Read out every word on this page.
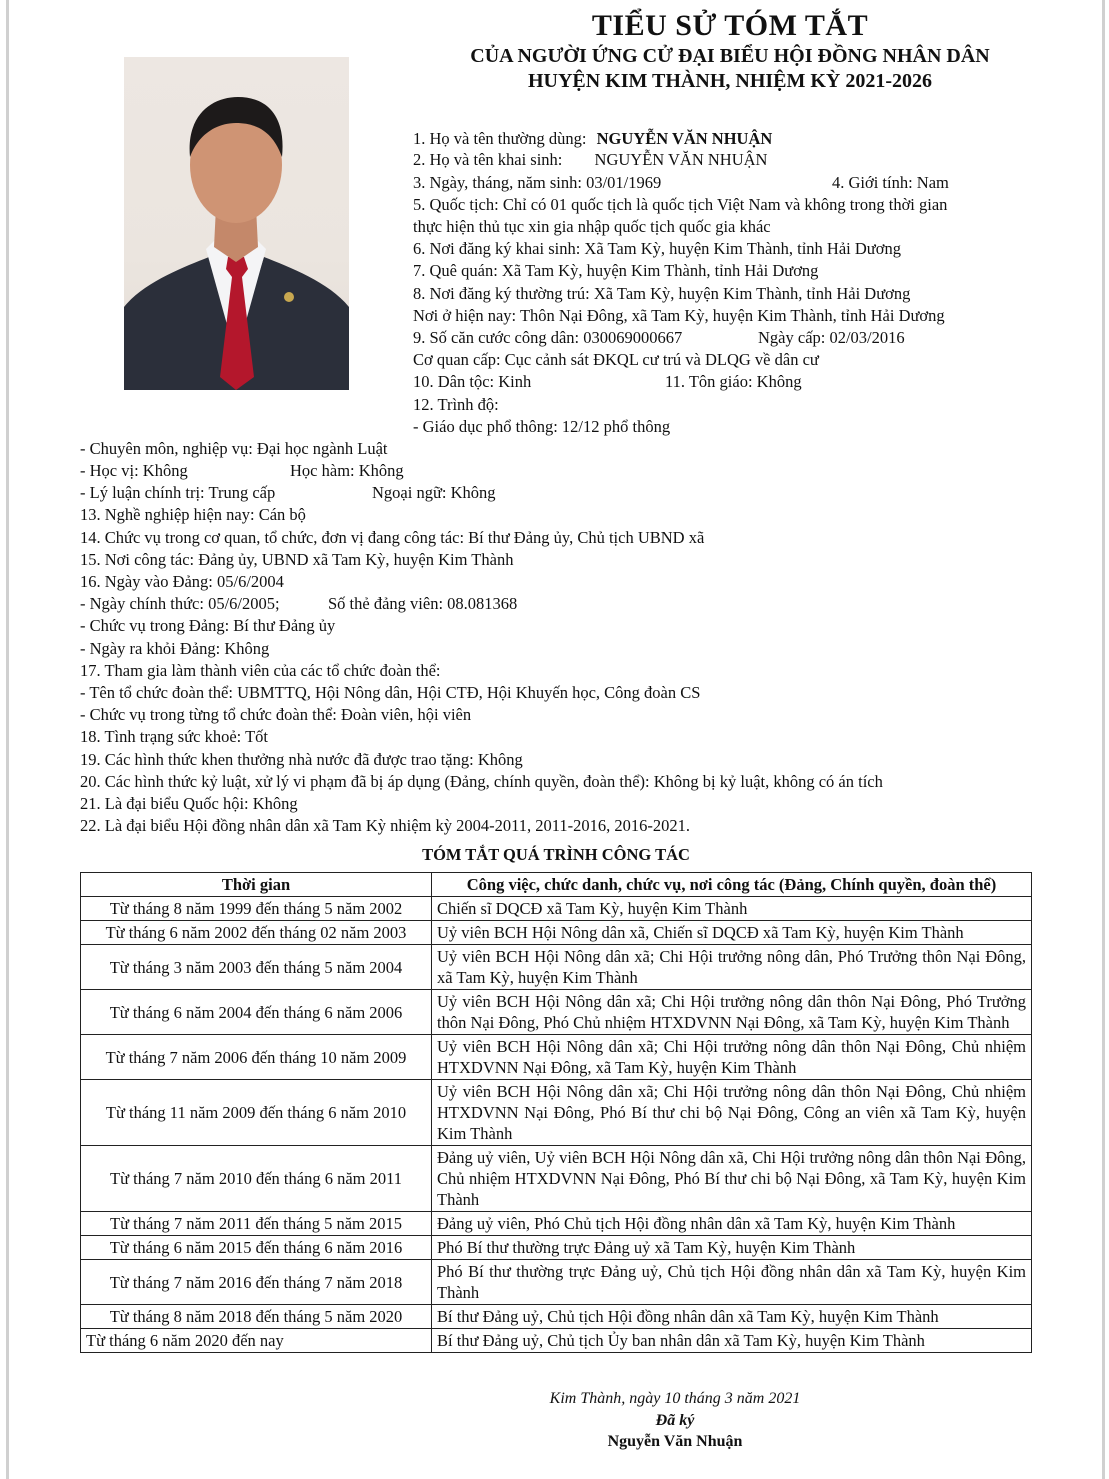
TIỂU SỬ TÓM TẮT
CỦA NGƯỜI ỨNG CỬ ĐẠI BIỂU HỘI ĐỒNG NHÂN DÂN
HUYỆN KIM THÀNH, NHIỆM KỲ 2021-2026
1. Họ và tên thường dùng: NGUYỄN VĂN NHUẬN
2. Họ và tên khai sinh: NGUYỄN VĂN NHUẬN
3. Ngày, tháng, năm sinh: 03/01/1969	4. Giới tính: Nam
5. Quốc tịch: Chỉ có 01 quốc tịch là quốc tịch Việt Nam và không trong thời gian
thực hiện thủ tục xin gia nhập quốc tịch quốc gia khác
6. Nơi đăng ký khai sinh: Xã Tam Kỳ, huyện Kim Thành, tỉnh Hải Dương
7. Quê quán: Xã Tam Kỳ, huyện Kim Thành, tỉnh Hải Dương
8. Nơi đăng ký thường trú: Xã Tam Kỳ, huyện Kim Thành, tỉnh Hải Dương
Nơi ở hiện nay: Thôn Nại Đông, xã Tam Kỳ, huyện Kim Thành, tỉnh Hải Dương
9. Số căn cước công dân: 030069000667	Ngày cấp: 02/03/2016
Cơ quan cấp: Cục cảnh sát ĐKQL cư trú và DLQG về dân cư
10. Dân tộc: Kinh	11. Tôn giáo: Không
12. Trình độ:
- Giáo dục phổ thông: 12/12 phổ thông
- Chuyên môn, nghiệp vụ: Đại học ngành Luật
- Học vị: Không	Học hàm: Không
- Lý luận chính trị: Trung cấp	Ngoại ngữ: Không
13. Nghề nghiệp hiện nay: Cán bộ
14. Chức vụ trong cơ quan, tổ chức, đơn vị đang công tác: Bí thư Đảng ủy, Chủ tịch UBND xã
15. Nơi công tác: Đảng ủy, UBND xã Tam Kỳ, huyện Kim Thành
16. Ngày vào Đảng: 05/6/2004
- Ngày chính thức: 05/6/2005;	Số thẻ đảng viên: 08.081368
- Chức vụ trong Đảng: Bí thư Đảng ủy
- Ngày ra khỏi Đảng: Không
17. Tham gia làm thành viên của các tổ chức đoàn thể:
- Tên tổ chức đoàn thể: UBMTTQ, Hội Nông dân, Hội CTĐ, Hội Khuyến học, Công đoàn CS
- Chức vụ trong từng tổ chức đoàn thể: Đoàn viên, hội viên
18. Tình trạng sức khoẻ: Tốt
19. Các hình thức khen thưởng nhà nước đã được trao tặng: Không
20. Các hình thức kỷ luật, xử lý vi phạm đã bị áp dụng (Đảng, chính quyền, đoàn thể): Không bị kỷ luật, không có án tích
21. Là đại biểu Quốc hội: Không
22. Là đại biểu Hội đồng nhân dân xã Tam Kỳ nhiệm kỳ 2004-2011, 2011-2016, 2016-2021.
TÓM TẮT QUÁ TRÌNH CÔNG TÁC
Thời gian	Công việc, chức danh, chức vụ, nơi công tác (Đảng, Chính quyền, đoàn thể)
Từ tháng 8 năm 1999 đến tháng 5 năm 2002	Chiến sĩ DQCĐ xã Tam Kỳ, huyện Kim Thành
Từ tháng 6 năm 2002 đến tháng 02 năm 2003	Uỷ viên BCH Hội Nông dân xã, Chiến sĩ DQCĐ xã Tam Kỳ, huyện Kim Thành
Từ tháng 3 năm 2003 đến tháng 5 năm 2004	Uỷ viên BCH Hội Nông dân xã; Chi Hội trưởng nông dân, Phó Trưởng thôn Nại Đông, xã Tam Kỳ, huyện Kim Thành
Từ tháng 6 năm 2004 đến tháng 6 năm 2006	Uỷ viên BCH Hội Nông dân xã; Chi Hội trưởng nông dân thôn Nại Đông, Phó Trưởng thôn Nại Đông, Phó Chủ nhiệm HTXDVNN Nại Đông, xã Tam Kỳ, huyện Kim Thành
Từ tháng 7 năm 2006 đến tháng 10 năm 2009	Uỷ viên BCH Hội Nông dân xã; Chi Hội trưởng nông dân thôn Nại Đông, Chủ nhiệm HTXDVNN Nại Đông, xã Tam Kỳ, huyện Kim Thành
Từ tháng 11 năm 2009 đến tháng 6 năm 2010	Uỷ viên BCH Hội Nông dân xã; Chi Hội trưởng nông dân thôn Nại Đông, Chủ nhiệm HTXDVNN Nại Đông, Phó Bí thư chi bộ Nại Đông, Công an viên xã Tam Kỳ, huyện Kim Thành
Từ tháng 7 năm 2010 đến tháng 6 năm 2011	Đảng uỷ viên, Uỷ viên BCH Hội Nông dân xã, Chi Hội trưởng nông dân thôn Nại Đông, Chủ nhiệm HTXDVNN Nại Đông, Phó Bí thư chi bộ Nại Đông, xã Tam Kỳ, huyện Kim Thành
Từ tháng 7 năm 2011 đến tháng 5 năm 2015	Đảng uỷ viên, Phó Chủ tịch Hội đồng nhân dân xã Tam Kỳ, huyện Kim Thành
Từ tháng 6 năm 2015 đến tháng 6 năm 2016	Phó Bí thư thường trực Đảng uỷ xã Tam Kỳ, huyện Kim Thành
Từ tháng 7 năm 2016 đến tháng 7 năm 2018	Phó Bí thư thường trực Đảng uỷ, Chủ tịch Hội đồng nhân dân xã Tam Kỳ, huyện Kim Thành
Từ tháng 8 năm 2018 đến tháng 5 năm 2020	Bí thư Đảng uỷ, Chủ tịch Hội đồng nhân dân xã Tam Kỳ, huyện Kim Thành
Từ tháng 6 năm 2020 đến nay	Bí thư Đảng uỷ, Chủ tịch Ủy ban nhân dân xã Tam Kỳ, huyện Kim Thành
Kim Thành, ngày 10 tháng 3 năm 2021
Đã ký
Nguyễn Văn Nhuận
